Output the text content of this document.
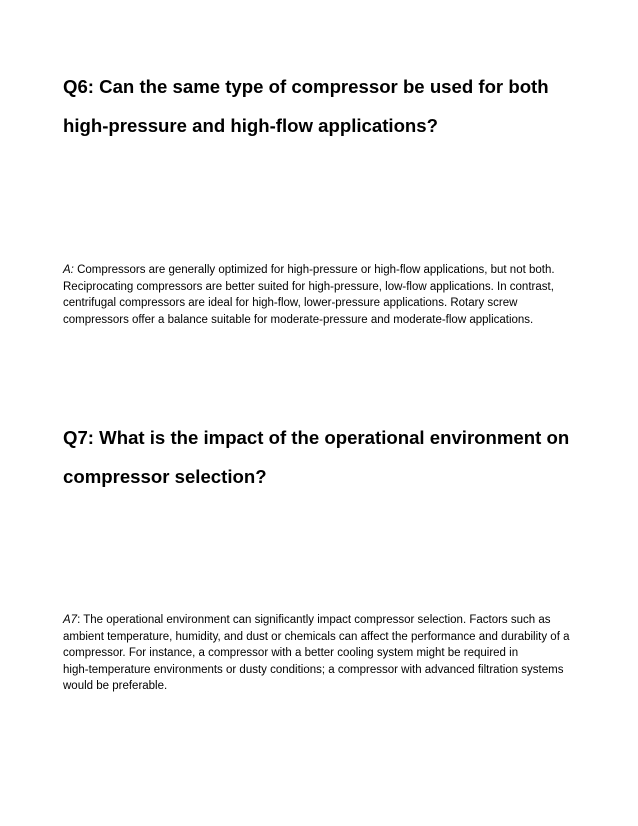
Q6: Can the same type of compressor be used for both
high-pressure and high-flow applications?

A: Compressors are generally optimized for high-pressure or high-flow applications, but not both.
Reciprocating compressors are better suited for high-pressure, low-flow applications. In contrast,
centrifugal compressors are ideal for high-flow, lower-pressure applications. Rotary screw
compressors offer a balance suitable for moderate-pressure and moderate-flow applications.

Q7: What is the impact of the operational environment on
compressor selection?

A7: The operational environment can significantly impact compressor selection. Factors such as
ambient temperature, humidity, and dust or chemicals can affect the performance and durability of a
compressor. For instance, a compressor with a better cooling system might be required in
high-temperature environments or dusty conditions; a compressor with advanced filtration systems
would be preferable.
